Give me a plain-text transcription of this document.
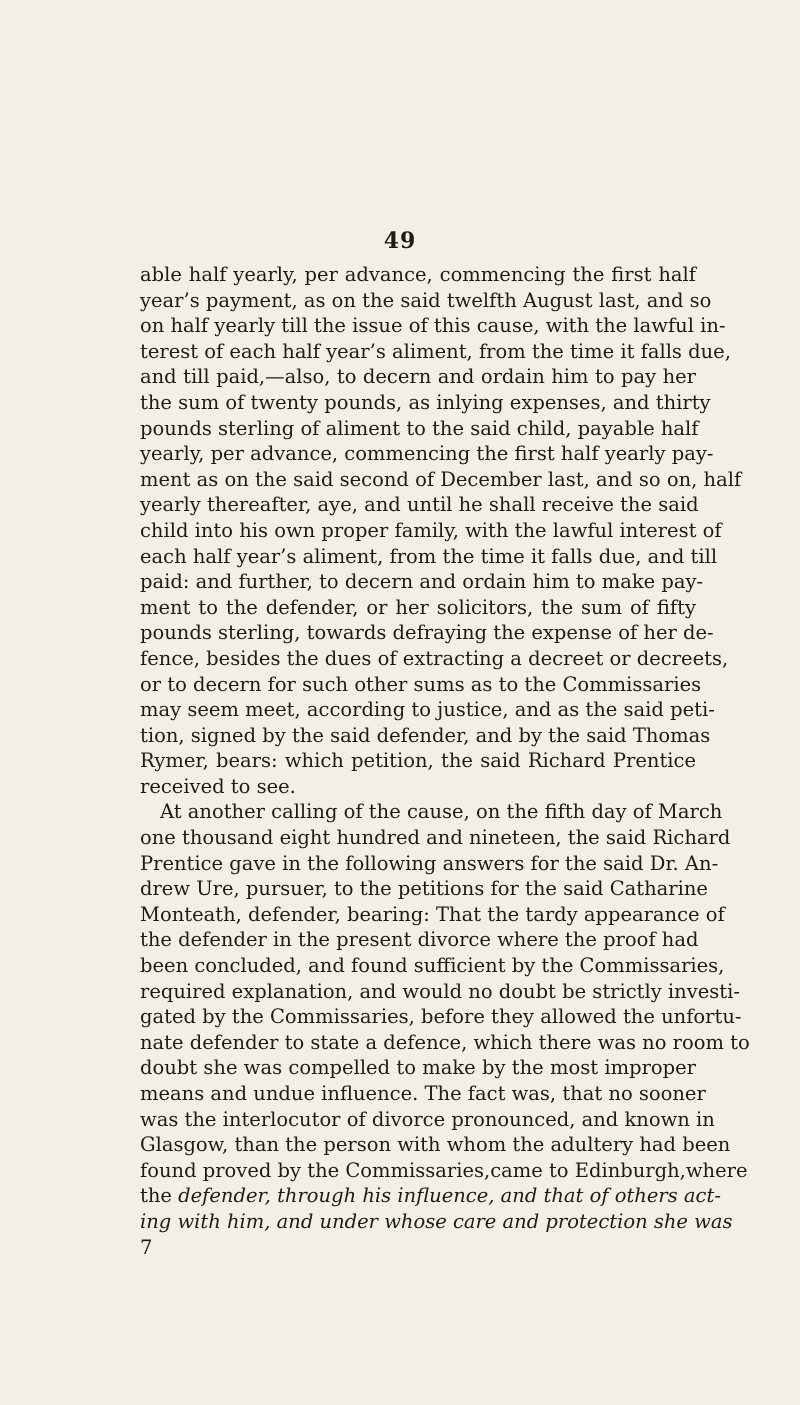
49
able half yearly, per advance, commencing the first half
year’s payment, as on the said twelfth August last, and so
on half yearly till the issue of this cause, with the lawful in-
terest of each half year’s aliment, from the time it falls due,
and till paid,—also, to decern and ordain him to pay her
the sum of twenty pounds, as inlying expenses, and thirty
pounds sterling of aliment to the said child, payable half
yearly, per advance, commencing the first half yearly pay-
ment as on the said second of December last, and so on, half
yearly thereafter, aye, and until he shall receive the said
child into his own proper family, with the lawful interest of
each half year’s aliment, from the time it falls due, and till
paid: and further, to decern and ordain him to make pay-
ment to the defender, or her solicitors, the sum of fifty
pounds sterling, towards defraying the expense of her de-
fence, besides the dues of extracting a decreet or decreets,
or to decern for such other sums as to the Commissaries
may seem meet, according to justice, and as the said peti-
tion, signed by the said defender, and by the said Thomas
Rymer, bears: which petition, the said Richard Prentice
received to see.
At another calling of the cause, on the fifth day of March
one thousand eight hundred and nineteen, the said Richard
Prentice gave in the following answers for the said Dr. An-
drew Ure, pursuer, to the petitions for the said Catharine
Monteath, defender, bearing: That the tardy appearance of
the defender in the present divorce where the proof had
been concluded, and found sufficient by the Commissaries,
required explanation, and would no doubt be strictly investi-
gated by the Commissaries, before they allowed the unfortu-
nate defender to state a defence, which there was no room to
doubt she was compelled to make by the most improper
means and undue influence. The fact was, that no sooner
was the interlocutor of divorce pronounced, and known in
Glasgow, than the person with whom the adultery had been
found proved by the Commissaries,came to Edinburgh,where
the defender, through his influence, and that of others act-
ing with him, and under whose care and protection she was
7
